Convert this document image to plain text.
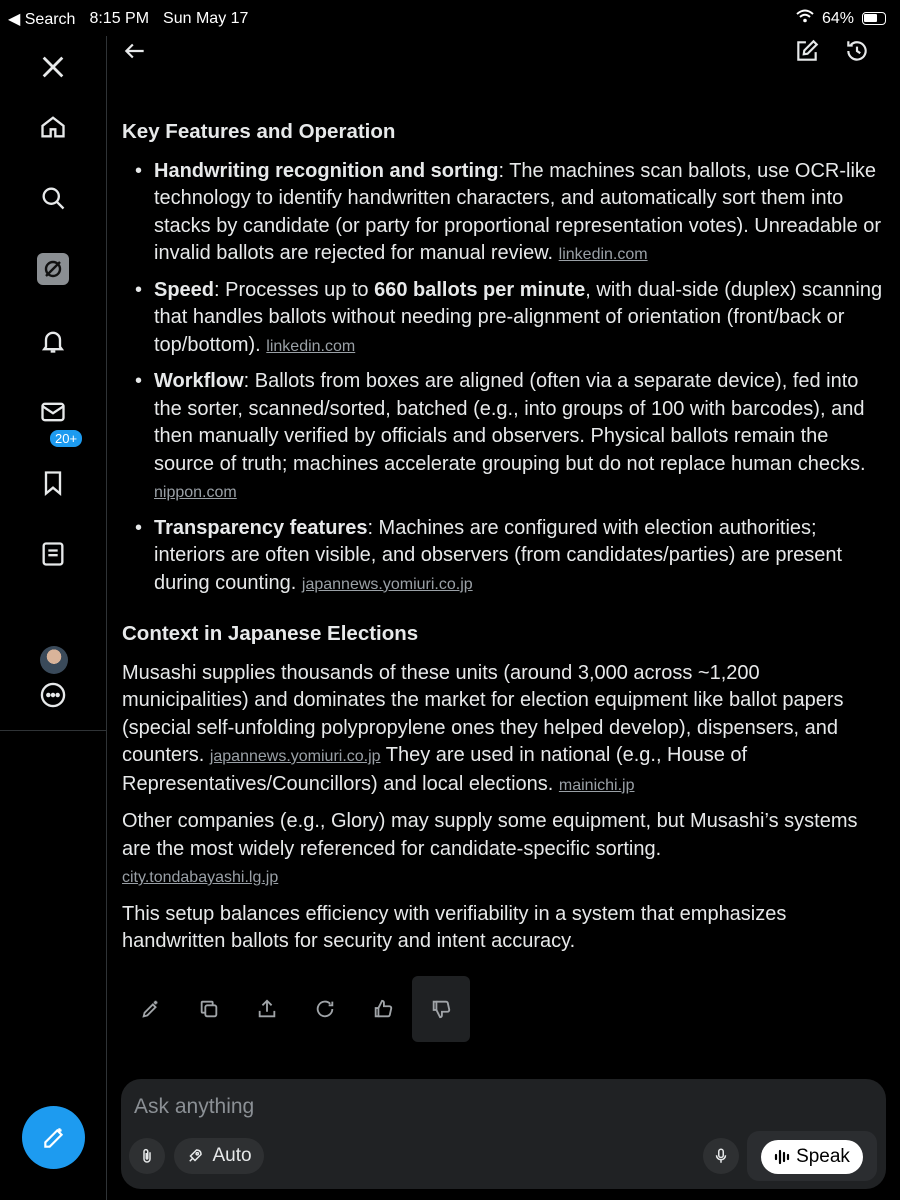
◀ Search 8:15 PM Sun May 17	64%
20+
Key Features and Operation
• Handwriting recognition and sorting: The machines scan ballots, use OCR-like technology to identify handwritten characters, and automatically sort them into stacks by candidate (or party for proportional representation votes). Unreadable or invalid ballots are rejected for manual review. linkedin.com
• Speed: Processes up to 660 ballots per minute, with dual-side (duplex) scanning that handles ballots without needing pre-alignment of orientation (front/back or top/bottom). linkedin.com
• Workflow: Ballots from boxes are aligned (often via a separate device), fed into the sorter, scanned/sorted, batched (e.g., into groups of 100 with barcodes), and then manually verified by officials and observers. Physical ballots remain the source of truth; machines accelerate grouping but do not replace human checks. nippon.com
• Transparency features: Machines are configured with election authorities; interiors are often visible, and observers (from candidates/parties) are present during counting. japannews.yomiuri.co.jp
Context in Japanese Elections

Musashi supplies thousands of these units (around 3,000 across ~1,200 municipalities) and dominates the market for election equipment like ballot papers (special self-unfolding polypropylene ones they helped develop), dispensers, and counters. japannews.yomiuri.co.jp They are used in national (e.g., House of Representatives/Councillors) and local elections. mainichi.jp

Other companies (e.g., Glory) may supply some equipment, but Musashi’s systems are the most widely referenced for candidate-specific sorting.
city.tondabayashi.lg.jp

This setup balances efficiency with verifiability in a system that emphasizes handwritten ballots for security and intent accuracy.

Ask anything
Auto	Speak
